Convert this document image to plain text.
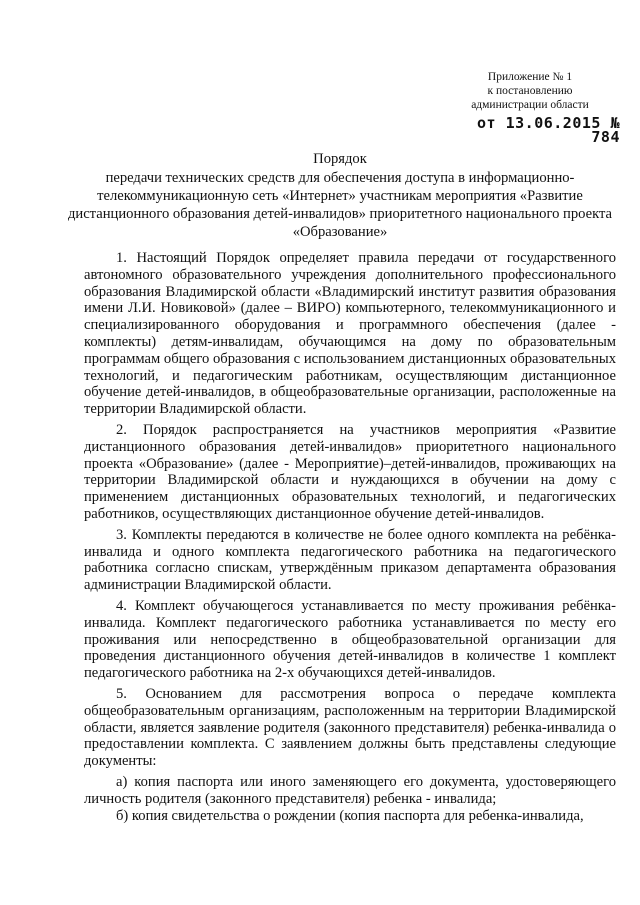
Приложение № 1
к постановлению
администрации области
от 13.06.2015 № 784
Порядок
передачи технических средств для обеспечения доступа в информационно-телекоммуникационную сеть «Интернет» участникам мероприятия «Развитие дистанционного образования детей-инвалидов» приоритетного национального проекта «Образование»

1. Настоящий Порядок определяет правила передачи от государственного автономного образовательного учреждения дополнительного профессионального образования Владимирской области «Владимирский институт развития образования имени Л.И. Новиковой» (далее – ВИРО) компьютерного, телекоммуникационного и специализированного оборудования и программного обеспечения (далее - комплекты) детям-инвалидам, обучающимся на дому по образовательным программам общего образования с использованием дистанционных образовательных технологий, и педагогическим работникам, осуществляющим дистанционное обучение детей-инвалидов, в общеобразовательные организации, расположенные на территории Владимирской области.

2. Порядок распространяется на участников мероприятия «Развитие дистанционного образования детей-инвалидов» приоритетного национального проекта «Образование» (далее - Мероприятие)–детей-инвалидов, проживающих на территории Владимирской области и нуждающихся в обучении на дому с применением дистанционных образовательных технологий, и педагогических работников, осуществляющих дистанционное обучение детей-инвалидов.

3. Комплекты передаются в количестве не более одного комплекта на ребёнка-инвалида и одного комплекта педагогического работника на педагогического работника согласно спискам, утверждённым приказом департамента образования администрации Владимирской области.

4. Комплект обучающегося устанавливается по месту проживания ребёнка-инвалида. Комплект педагогического работника устанавливается по месту его проживания или непосредственно в общеобразовательной организации для проведения дистанционного обучения детей-инвалидов в количестве 1 комплект педагогического работника на 2-х обучающихся детей-инвалидов.

5. Основанием для рассмотрения вопроса о передаче комплекта общеобразовательным организациям, расположенным на территории Владимирской области, является заявление родителя (законного представителя) ребенка-инвалида о предоставлении комплекта. С заявлением должны быть представлены следующие документы:

а) копия паспорта или иного заменяющего его документа, удостоверяющего личность родителя (законного представителя) ребенка - инвалида;

б) копия свидетельства о рождении (копия паспорта для ребенка-инвалида,
